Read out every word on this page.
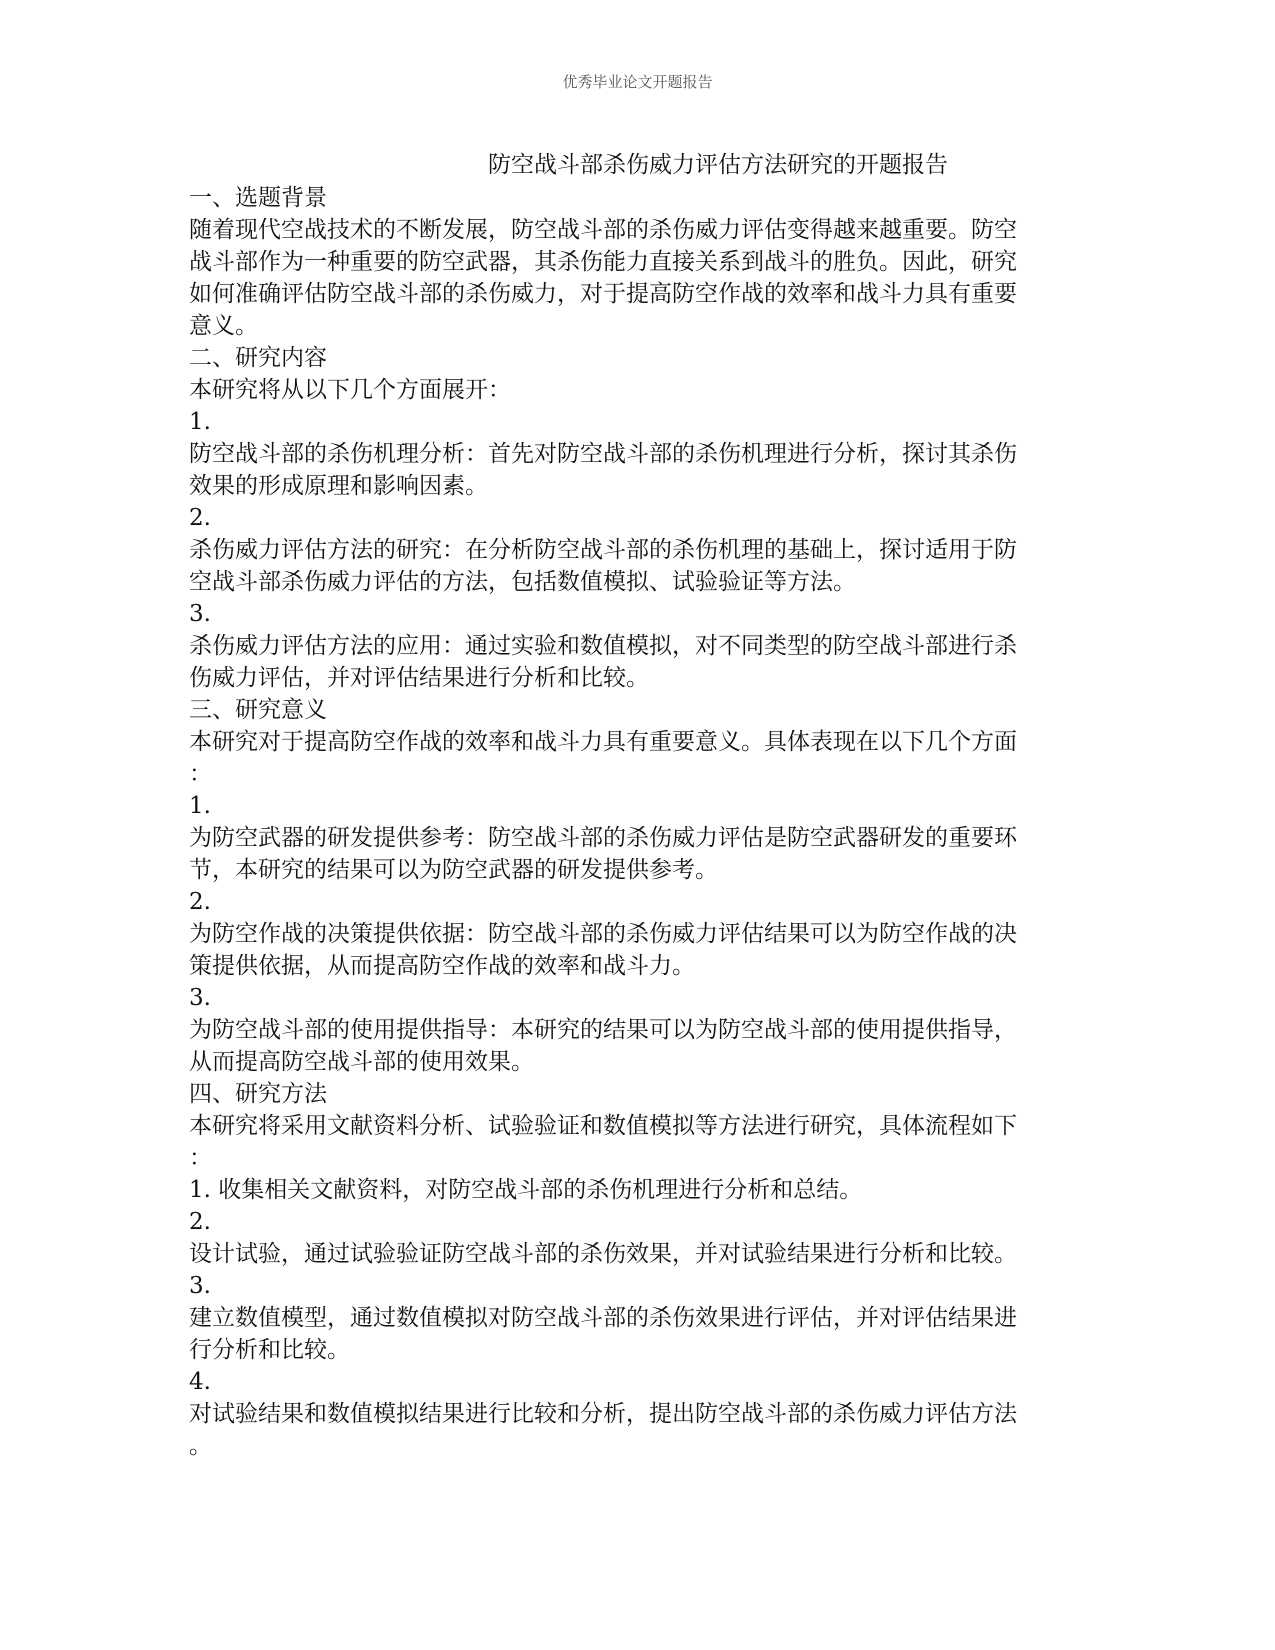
优秀毕业论文开题报告
防空战斗部杀伤威力评估方法研究的开题报告
一、选题背景
随着现代空战技术的不断发展，防空战斗部的杀伤威力评估变得越来越重要。防空
战斗部作为一种重要的防空武器，其杀伤能力直接关系到战斗的胜负。因此，研究
如何准确评估防空战斗部的杀伤威力，对于提高防空作战的效率和战斗力具有重要
意义。
二、研究内容
本研究将从以下几个方面展开：
1.
防空战斗部的杀伤机理分析：首先对防空战斗部的杀伤机理进行分析，探讨其杀伤
效果的形成原理和影响因素。
2.
杀伤威力评估方法的研究：在分析防空战斗部的杀伤机理的基础上，探讨适用于防
空战斗部杀伤威力评估的方法，包括数值模拟、试验验证等方法。
3.
杀伤威力评估方法的应用：通过实验和数值模拟，对不同类型的防空战斗部进行杀
伤威力评估，并对评估结果进行分析和比较。
三、研究意义
本研究对于提高防空作战的效率和战斗力具有重要意义。具体表现在以下几个方面
：
1.
为防空武器的研发提供参考：防空战斗部的杀伤威力评估是防空武器研发的重要环
节，本研究的结果可以为防空武器的研发提供参考。
2.
为防空作战的决策提供依据：防空战斗部的杀伤威力评估结果可以为防空作战的决
策提供依据，从而提高防空作战的效率和战斗力。
3.
为防空战斗部的使用提供指导：本研究的结果可以为防空战斗部的使用提供指导，
从而提高防空战斗部的使用效果。
四、研究方法
本研究将采用文献资料分析、试验验证和数值模拟等方法进行研究，具体流程如下
：
1. 收集相关文献资料，对防空战斗部的杀伤机理进行分析和总结。
2.
设计试验，通过试验验证防空战斗部的杀伤效果，并对试验结果进行分析和比较。
3.
建立数值模型，通过数值模拟对防空战斗部的杀伤效果进行评估，并对评估结果进
行分析和比较。
4.
对试验结果和数值模拟结果进行比较和分析，提出防空战斗部的杀伤威力评估方法
。
